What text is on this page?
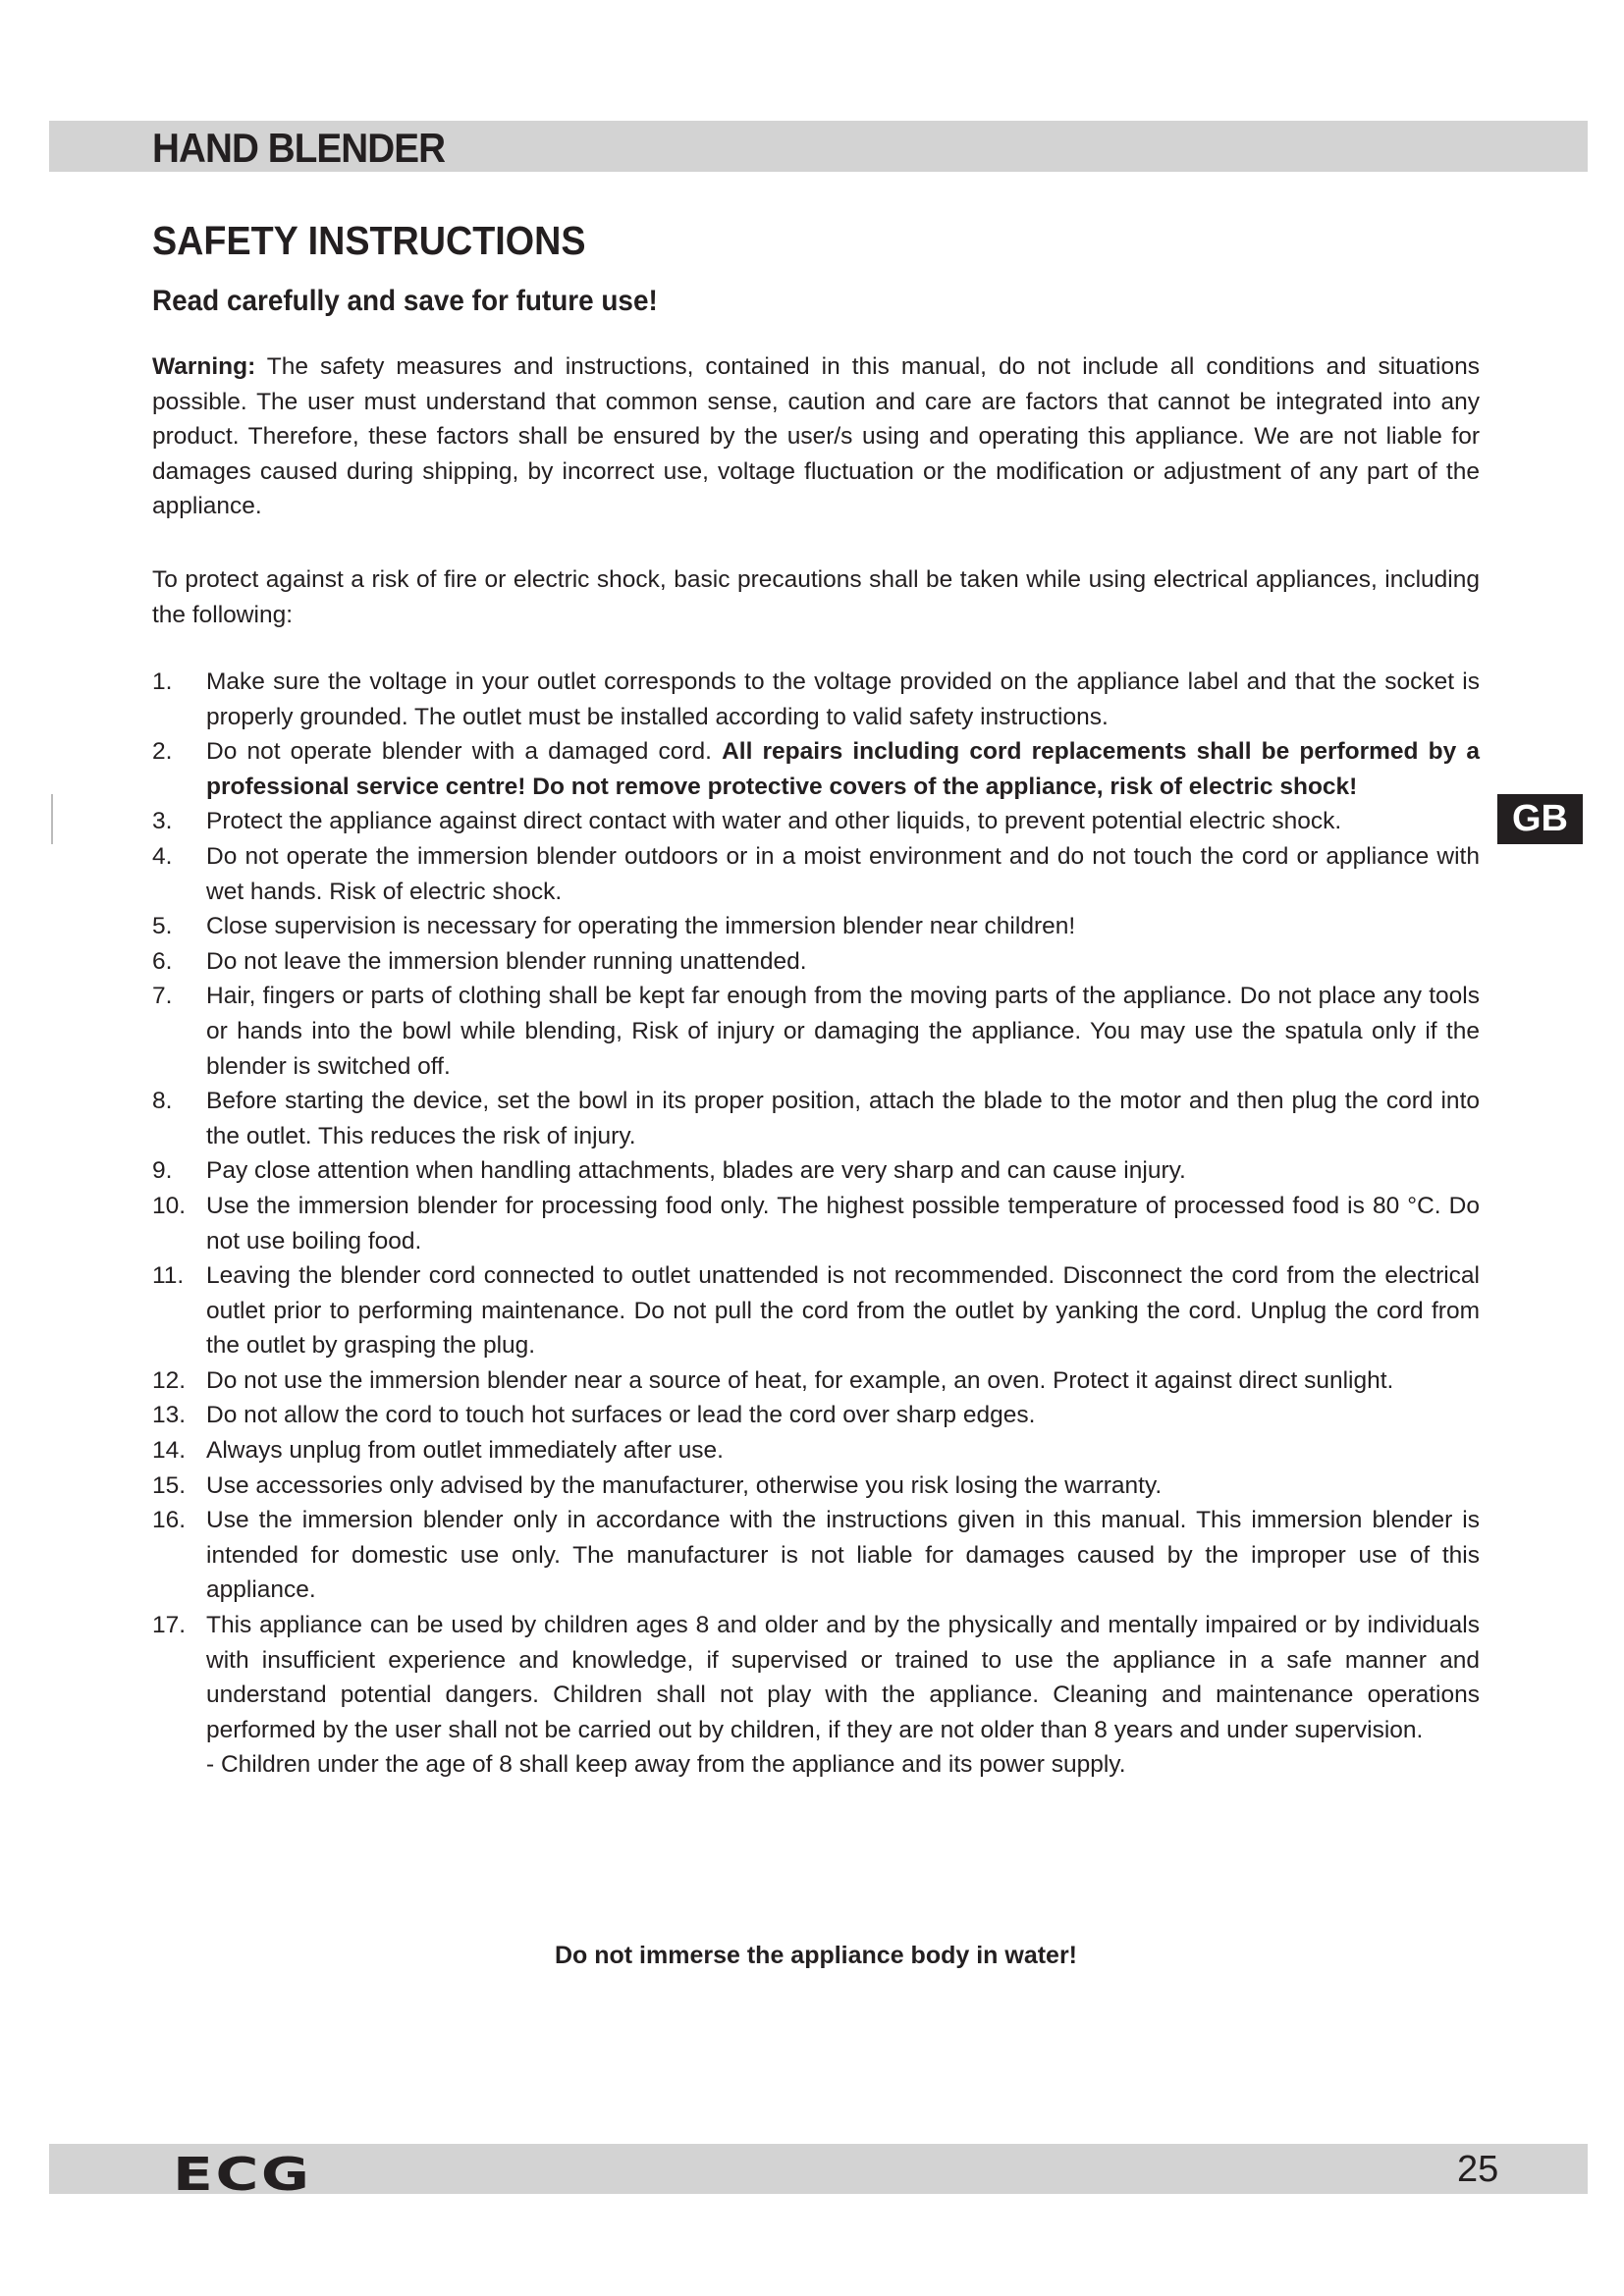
HAND BLENDER
SAFETY INSTRUCTIONS
Read carefully and save for future use!

Warning: The safety measures and instructions, contained in this manual, do not include all conditions and situations possible. The user must understand that common sense, caution and care are factors that cannot be integrated into any product. Therefore, these factors shall be ensured by the user/s using and operating this appliance. We are not liable for damages caused during shipping, by incorrect use, voltage fluctuation or the modification or adjustment of any part of the appliance.

To protect against a risk of fire or electric shock, basic precautions shall be taken while using electrical appliances, including the following:

1. Make sure the voltage in your outlet corresponds to the voltage provided on the appliance label and that the socket is properly grounded. The outlet must be installed according to valid safety instructions.
2. Do not operate blender with a damaged cord. All repairs including cord replacements shall be performed by a professional service centre! Do not remove protective covers of the appliance, risk of electric shock!
3. Protect the appliance against direct contact with water and other liquids, to prevent potential electric shock.
4. Do not operate the immersion blender outdoors or in a moist environment and do not touch the cord or appliance with wet hands. Risk of electric shock.
5. Close supervision is necessary for operating the immersion blender near children!
6. Do not leave the immersion blender running unattended.
7. Hair, fingers or parts of clothing shall be kept far enough from the moving parts of the appliance. Do not place any tools or hands into the bowl while blending, Risk of injury or damaging the appliance. You may use the spatula only if the blender is switched off.
8. Before starting the device, set the bowl in its proper position, attach the blade to the motor and then plug the cord into the outlet. This reduces the risk of injury.
9. Pay close attention when handling attachments, blades are very sharp and can cause injury.
10. Use the immersion blender for processing food only. The highest possible temperature of processed food is 80 °C. Do not use boiling food.
11. Leaving the blender cord connected to outlet unattended is not recommended. Disconnect the cord from the electrical outlet prior to performing maintenance. Do not pull the cord from the outlet by yanking the cord. Unplug the cord from the outlet by grasping the plug.
12. Do not use the immersion blender near a source of heat, for example, an oven. Protect it against direct sunlight.
13. Do not allow the cord to touch hot surfaces or lead the cord over sharp edges.
14. Always unplug from outlet immediately after use.
15. Use accessories only advised by the manufacturer, otherwise you risk losing the warranty.
16. Use the immersion blender only in accordance with the instructions given in this manual. This immersion blender is intended for domestic use only. The manufacturer is not liable for damages caused by the improper use of this appliance.
17. This appliance can be used by children ages 8 and older and by the physically and mentally impaired or by individuals with insufficient experience and knowledge, if supervised or trained to use the appliance in a safe manner and understand potential dangers. Children shall not play with the appliance. Cleaning and maintenance operations performed by the user shall not be carried out by children, if they are not older than 8 years and under supervision.
- Children under the age of 8 shall keep away from the appliance and its power supply.
Do not immerse the appliance body in water!
GB
ECG	25
